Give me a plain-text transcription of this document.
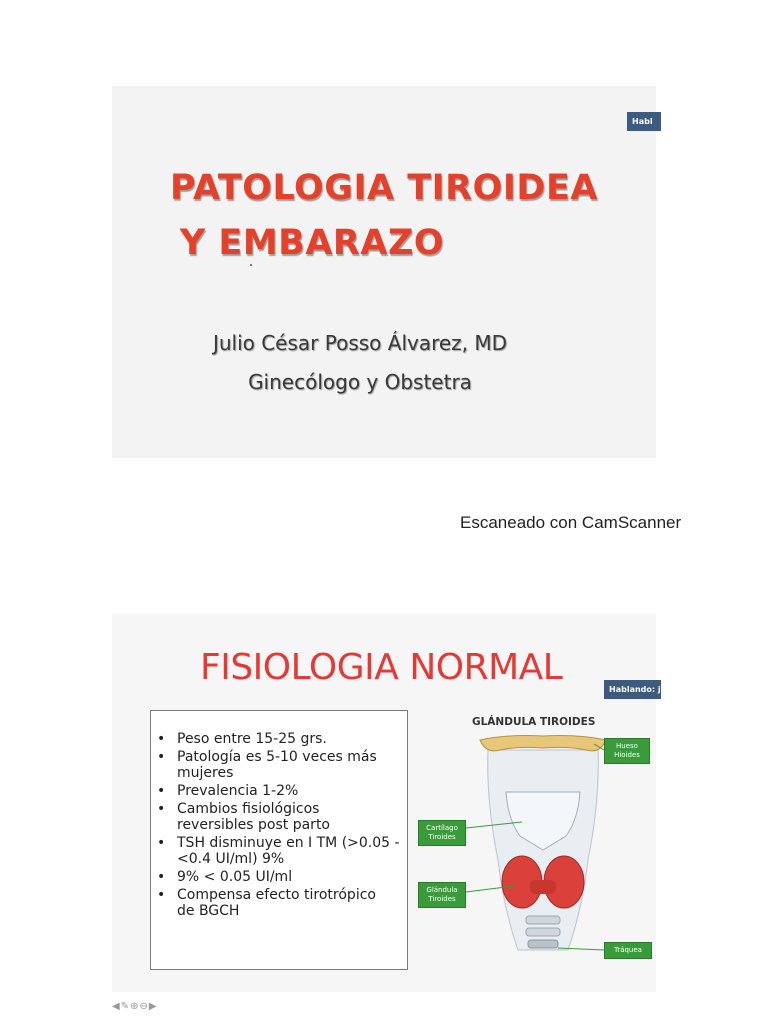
Habl
PATOLOGIA TIROIDEA
Y EMBARAZO
Julio César Posso Álvarez, MD
Ginecólogo y Obstetra
Escaneado con CamScanner
FISIOLOGIA NORMAL
Hablando: j
• Peso entre 15-25 grs.
• Patología es 5-10 veces más mujeres
• Prevalencia 1-2%
• Cambios fisiológicos reversibles post parto
• TSH disminuye en I TM (>0.05 - <0.4 UI/ml) 9%
• 9% < 0.05 UI/ml
• Compensa efecto tirotrópico de BGCH
GLÁNDULA TIROIDES
Hueso Hioides
Cartílago Tiroides
Glándula Tiroides
Tráquea
◀✎⊕⊖▶
